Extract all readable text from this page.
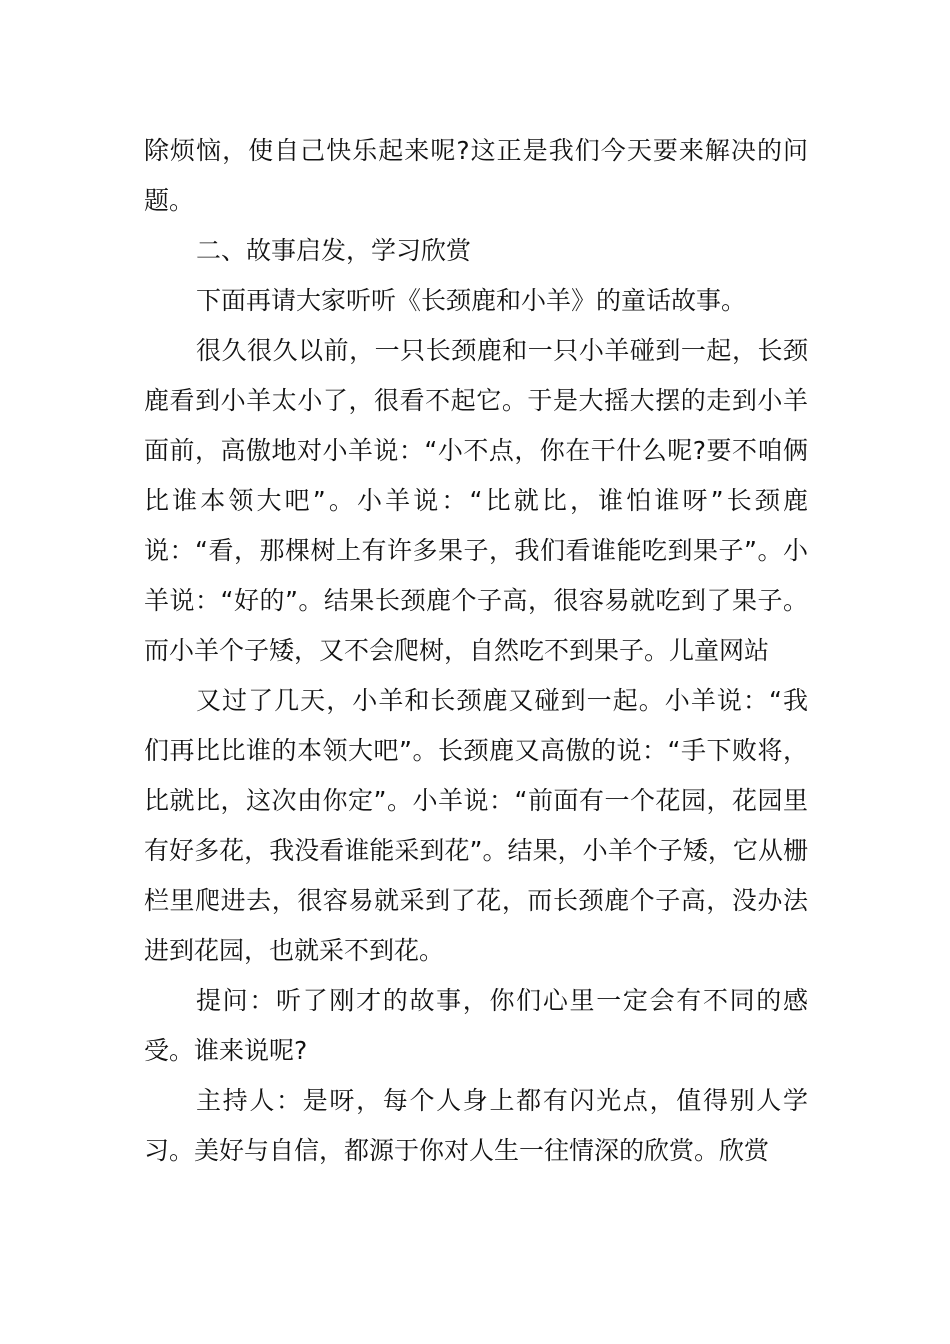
除烦恼，使自己快乐起来呢?这正是我们今天要来解决的问题。

二、故事启发，学习欣赏

下面再请大家听听《长颈鹿和小羊》的童话故事。

很久很久以前，一只长颈鹿和一只小羊碰到一起，长颈鹿看到小羊太小了，很看不起它。于是大摇大摆的走到小羊面前，高傲地对小羊说：“小不点，你在干什么呢?要不咱俩比谁本领大吧”。小羊说：“比就比，谁怕谁呀”长颈鹿说：“看，那棵树上有许多果子，我们看谁能吃到果子”。小羊说：“好的”。结果长颈鹿个子高，很容易就吃到了果子。而小羊个子矮，又不会爬树，自然吃不到果子。儿童网站

又过了几天，小羊和长颈鹿又碰到一起。小羊说：“我们再比比谁的本领大吧”。长颈鹿又高傲的说：“手下败将，比就比，这次由你定”。小羊说：“前面有一个花园，花园里有好多花，我没看谁能采到花”。结果，小羊个子矮，它从栅栏里爬进去，很容易就采到了花，而长颈鹿个子高，没办法进到花园，也就采不到花。

提问：听了刚才的故事，你们心里一定会有不同的感受。谁来说呢?

主持人：是呀，每个人身上都有闪光点，值得别人学习。美好与自信，都源于你对人生一往情深的欣赏。欣赏
